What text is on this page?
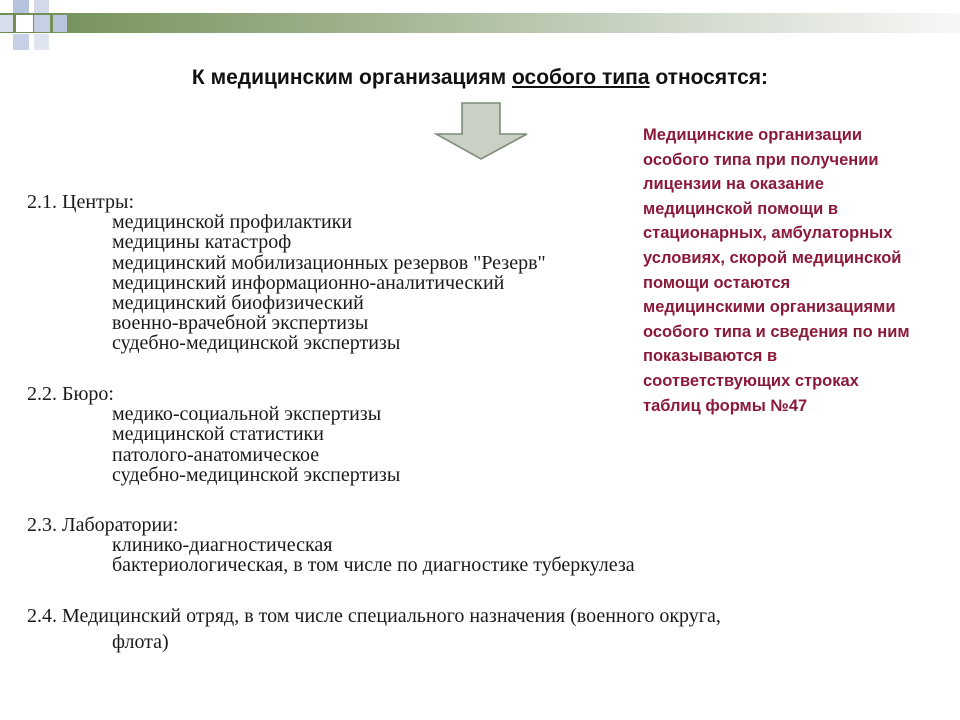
К медицинским организациям особого типа относятся:
Медицинские организации особого типа при получении лицензии на оказание медицинской помощи в стационарных, амбулаторных условиях, скорой медицинской помощи остаются медицинскими организациями особого типа и сведения по ним показываются в соответствующих строках таблиц формы №47
2.1. Центры:
медицинской профилактики
медицины катастроф
медицинский мобилизационных резервов "Резерв"
медицинский информационно-аналитический
медицинский биофизический
военно-врачебной экспертизы
судебно-медицинской экспертизы
2.2. Бюро:
медико-социальной экспертизы
медицинской статистики
патолого-анатомическое
судебно-медицинской экспертизы
2.3. Лаборатории:
клинико-диагностическая
бактериологическая, в том числе по диагностике туберкулеза
2.4. Медицинский отряд, в том числе специального назначения (военного округа,
флота)
